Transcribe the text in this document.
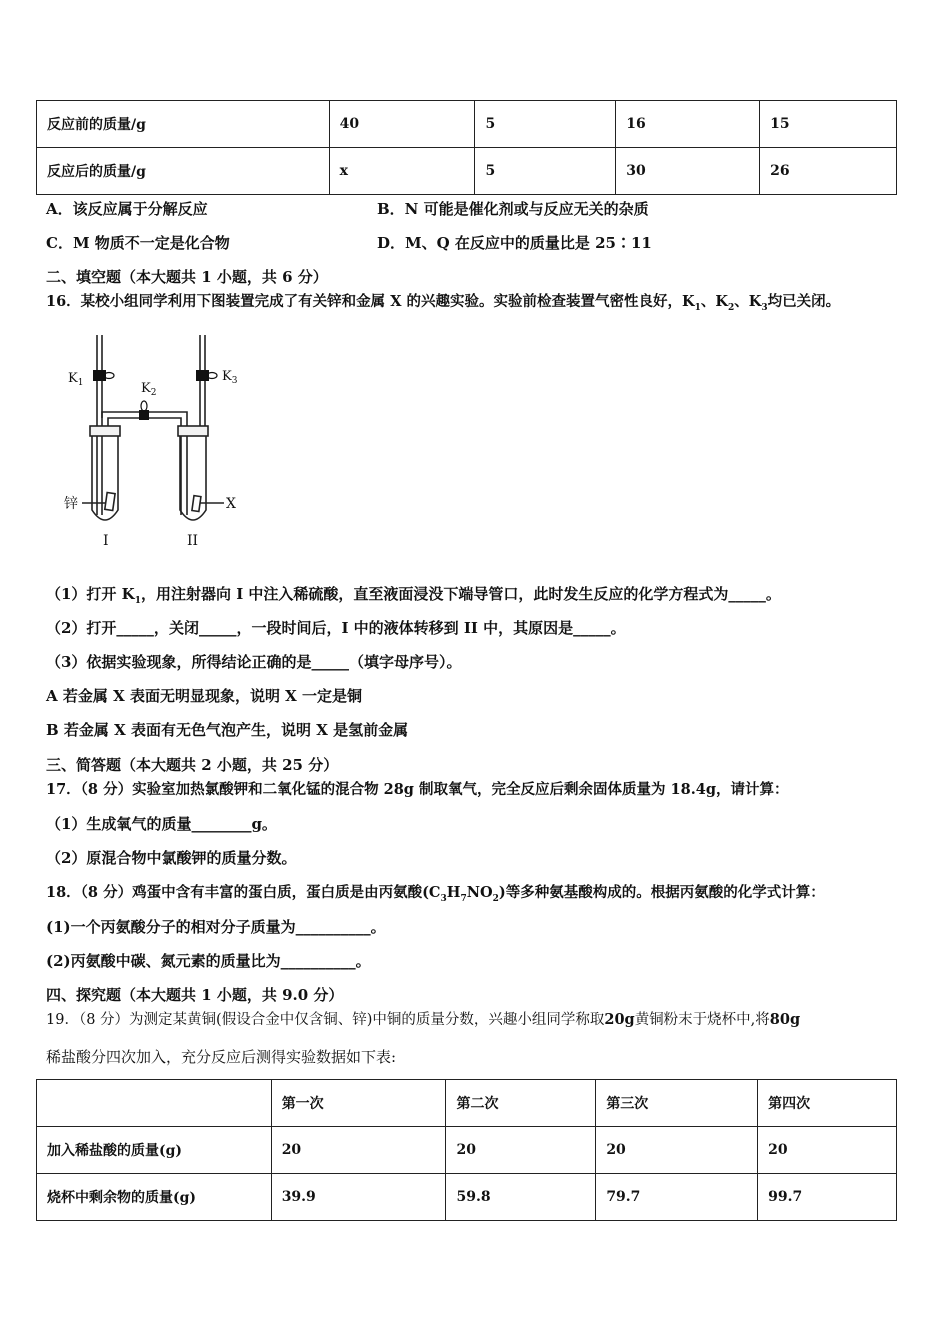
反应前的质量/g	40	5	16	15
反应后的质量/g	x	5	30	26
A．该反应属于分解反应	B．N 可能是催化剂或与反应无关的杂质
C．M 物质不一定是化合物	D．M、Q 在反应中的质量比是 25∶11
二、填空题（本大题共 1 小题，共 6 分）
16．某校小组同学利用下图装置完成了有关锌和金属 X 的兴趣实验。实验前检查装置气密性良好，$K_1$、$K_2$、$K_3$均已关闭。
$K_1$	$K_2$
$K_3$
锌	X
I	II
（1）打开 $K_1$，用注射器向 I 中注入稀硫酸，直至液面浸没下端导管口，此时发生反应的化学方程式为_____。
（2）打开_____，关闭_____，一段时间后，I 中的液体转移到 II 中，其原因是_____。
（3）依据实验现象，所得结论正确的是_____（填字母序号）。
A 若金属 X 表面无明显现象，说明 X 一定是铜
B 若金属 X 表面有无色气泡产生，说明 X 是氢前金属
三、简答题（本大题共 2 小题，共 25 分）
17．（8 分）实验室加热氯酸钾和二氧化锰的混合物 28g 制取氧气，完全反应后剩余固体质量为 18.4g，请计算：
（1）生成氧气的质量________g。
（2）原混合物中氯酸钾的质量分数。
18．（8 分）鸡蛋中含有丰富的蛋白质，蛋白质是由丙氨酸$(C_3H_7NO_2)$等多种氨基酸构成的。根据丙氨酸的化学式计算：
(1)一个丙氨酸分子的相对分子质量为__________。
(2)丙氨酸中碳、氮元素的质量比为__________。
四、探究题（本大题共 1 小题，共 9.0 分）
19．（8 分）为测定某黄铜(假设合金中仅含铜、锌)中铜的质量分数，兴趣小组同学称取20g黄铜粉末于烧杯中,将80g
稀盐酸分四次加入，充分反应后测得实验数据如下表:
	第一次	第二次	第三次	第四次
加入稀盐酸的质量(g)	20	20	20	20
烧杯中剩余物的质量(g)	39.9	59.8	79.7	99.7
